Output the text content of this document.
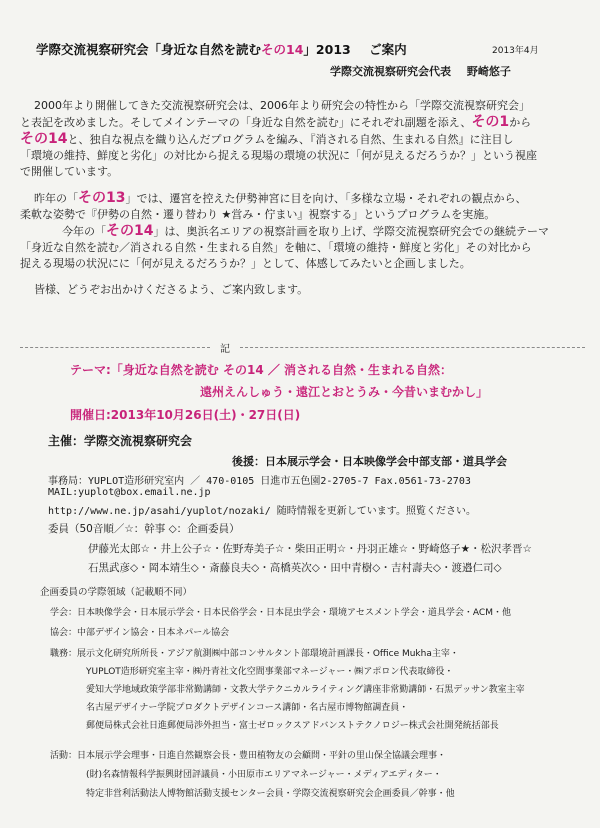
学際交流視察研究会「身近な自然を読むその14」2013 ご案内	2013年4月
学際交流視察研究会代表 野崎悠子

2000年より開催してきた交流視察研究会は、2006年より研究会の特性から「学際交流視察研究会」

と表記を改めました。そしてメインテーマの「身近な自然を読む」にそれぞれ副題を添え、その1から

その14と、独自な視点を織り込んだプログラムを編み、『消される自然、生まれる自然』に注目し

「環境の維持、鮮度と劣化」の対比から捉える現場の環境の状況に「何が見えるだろうか？」という視座

で開催しています。

昨年の「その13」では、遷宮を控えた伊勢神宮に目を向け、「多様な立場・それぞれの観点から、

柔軟な姿勢で『伊勢の自然・遷り替わり ★営み・佇まい』視察する」というプログラムを実施。

今年の「その14」は、奥浜名エリアの視察計画を取り上げ、学際交流視察研究会での継続テーマ

「身近な自然を読む／消される自然・生まれる自然」を軸に、「環境の維持・鮮度と劣化」その対比から

捉える現場の状況にに「何が見えるだろうか？」として、体感してみたいと企画しました。

皆様、どうぞお出かけくださるよう、ご案内致します。

記
テーマ:「身近な自然を読む その14 ／ 消される自然・生まれる自然：
遠州えんしゅう・遠江とおとうみ・今昔いまむかし」
開催日:2013年10月26日(土)・27日(日)
主催：学際交流視察研究会
後援：日本展示学会・日本映像学会中部支部・道具学会
事務局：YUPLOT造形研究室内 ／ 470-0105 日進市五色園2-2705-7 Fax.0561-73-2703
MAIL:yuplot@box.email.ne.jp
http://www.ne.jp/asahi/yuplot/nozaki/ 随時情報を更新しています。照覧ください。
委員（50音順／☆：幹事 ◇：企画委員）
伊藤光太郎☆・井上公子☆・佐野寿美子☆・柴田正明☆・丹羽正雄☆・野崎悠子★・松沢孝晋☆
石黒武彦◇・岡本靖生◇・斎藤良夫◇・高橋英次◇・田中青樹◇・吉村壽夫◇・渡邉仁司◇
企画委員の学際領域（記載順不同）
学会：日本映像学会・日本展示学会・日本民俗学会・日本昆虫学会・環境アセスメント学会・道具学会・ACM・他
協会：中部デザイン協会・日本ネパール協会
職務：展示文化研究所所長・アジア航測㈱中部コンサルタント部環境計画課長・Office Mukha主宰・
YUPLOT造形研究室主宰・㈱丹青社文化空間事業部マネージャー・㈱アポロン代表取締役・
愛知大学地域政策学部非常勤講師・文教大学テクニカルライティング講座非常勤講師・石黒デッサン教室主宰
名古屋デザイナー学院プロダクトデザインコース講師・名古屋市博物館調査員・
郵便局株式会社日進郵便局渉外担当・富士ゼロックスアドバンストテクノロジー株式会社開発統括部長
活動：日本展示学会理事・日進自然観察会長・豊田植物友の会顧問・平針の里山保全協議会理事・
(財)名森情報科学振興財団評議員・小田原市エリアマネージャー・メディアエディター・
特定非営利活動法人博物館活動支援センター会員・学際交流視察研究会企画委員／幹事・他
